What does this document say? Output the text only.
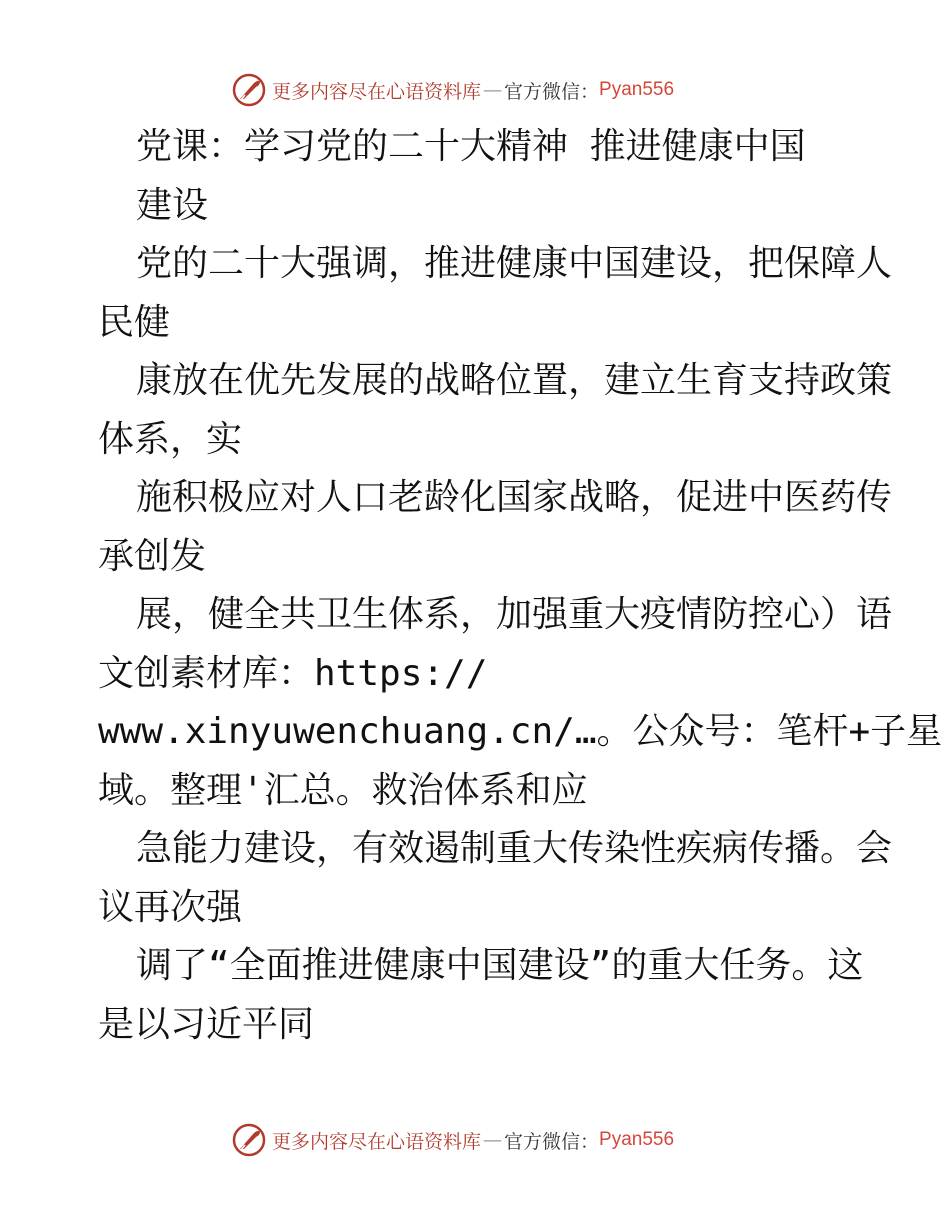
更多内容尽在心语资料库 — 官方微信： Pyan556
党课：学习党的二十大精神 推进健康中国
建设
党的二十大强调，推进健康中国建设，把保障人
民健
康放在优先发展的战略位置，建立生育支持政策
体系，实
施积极应对人口老龄化国家战略，促进中医药传
承创发
展，健全共卫生体系，加强重大疫情防控心）语
文创素材库：https://
www.xinyuwenchuang.cn/…。公众号：笔杆+子星
域。整理'汇总。救治体系和应
急能力建设，有效遏制重大传染性疾病传播。会
议再次强
调了“全面推进健康中国建设”的重大任务。这
是以习近平同
更多内容尽在心语资料库 — 官方微信： Pyan556
